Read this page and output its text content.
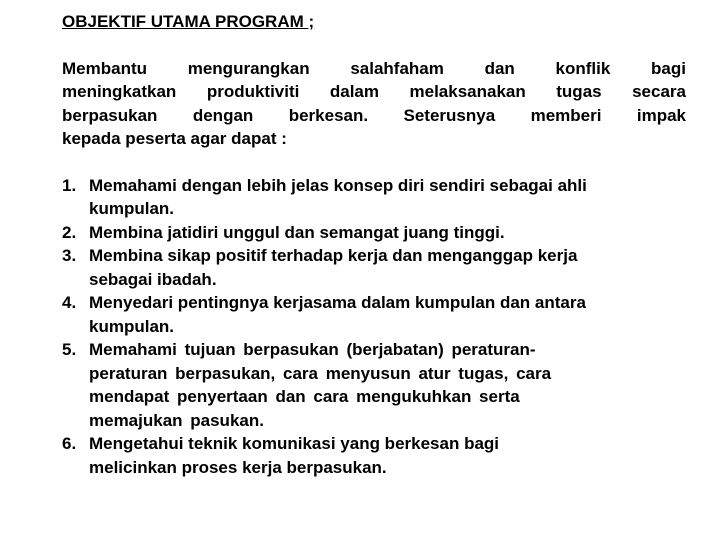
OBJEKTIF UTAMA PROGRAM ;
Membantu mengurangkan salahfaham dan konflik bagi
meningkatkan produktiviti dalam melaksanakan tugas secara
berpasukan dengan berkesan. Seterusnya memberi impak
kepada peserta agar dapat :
1. Memahami dengan lebih jelas konsep diri sendiri sebagai ahli
kumpulan.
2. Membina jatidiri unggul dan semangat juang tinggi.
3. Membina sikap positif terhadap kerja dan menganggap kerja
sebagai ibadah.
4. Menyedari pentingnya kerjasama dalam kumpulan dan antara
kumpulan.
5. Memahami tujuan berpasukan (berjabatan) peraturan-
peraturan berpasukan, cara menyusun atur tugas, cara
mendapat penyertaan dan cara mengukuhkan serta
memajukan pasukan.
6. Mengetahui teknik komunikasi yang berkesan bagi
melicinkan proses kerja berpasukan.
